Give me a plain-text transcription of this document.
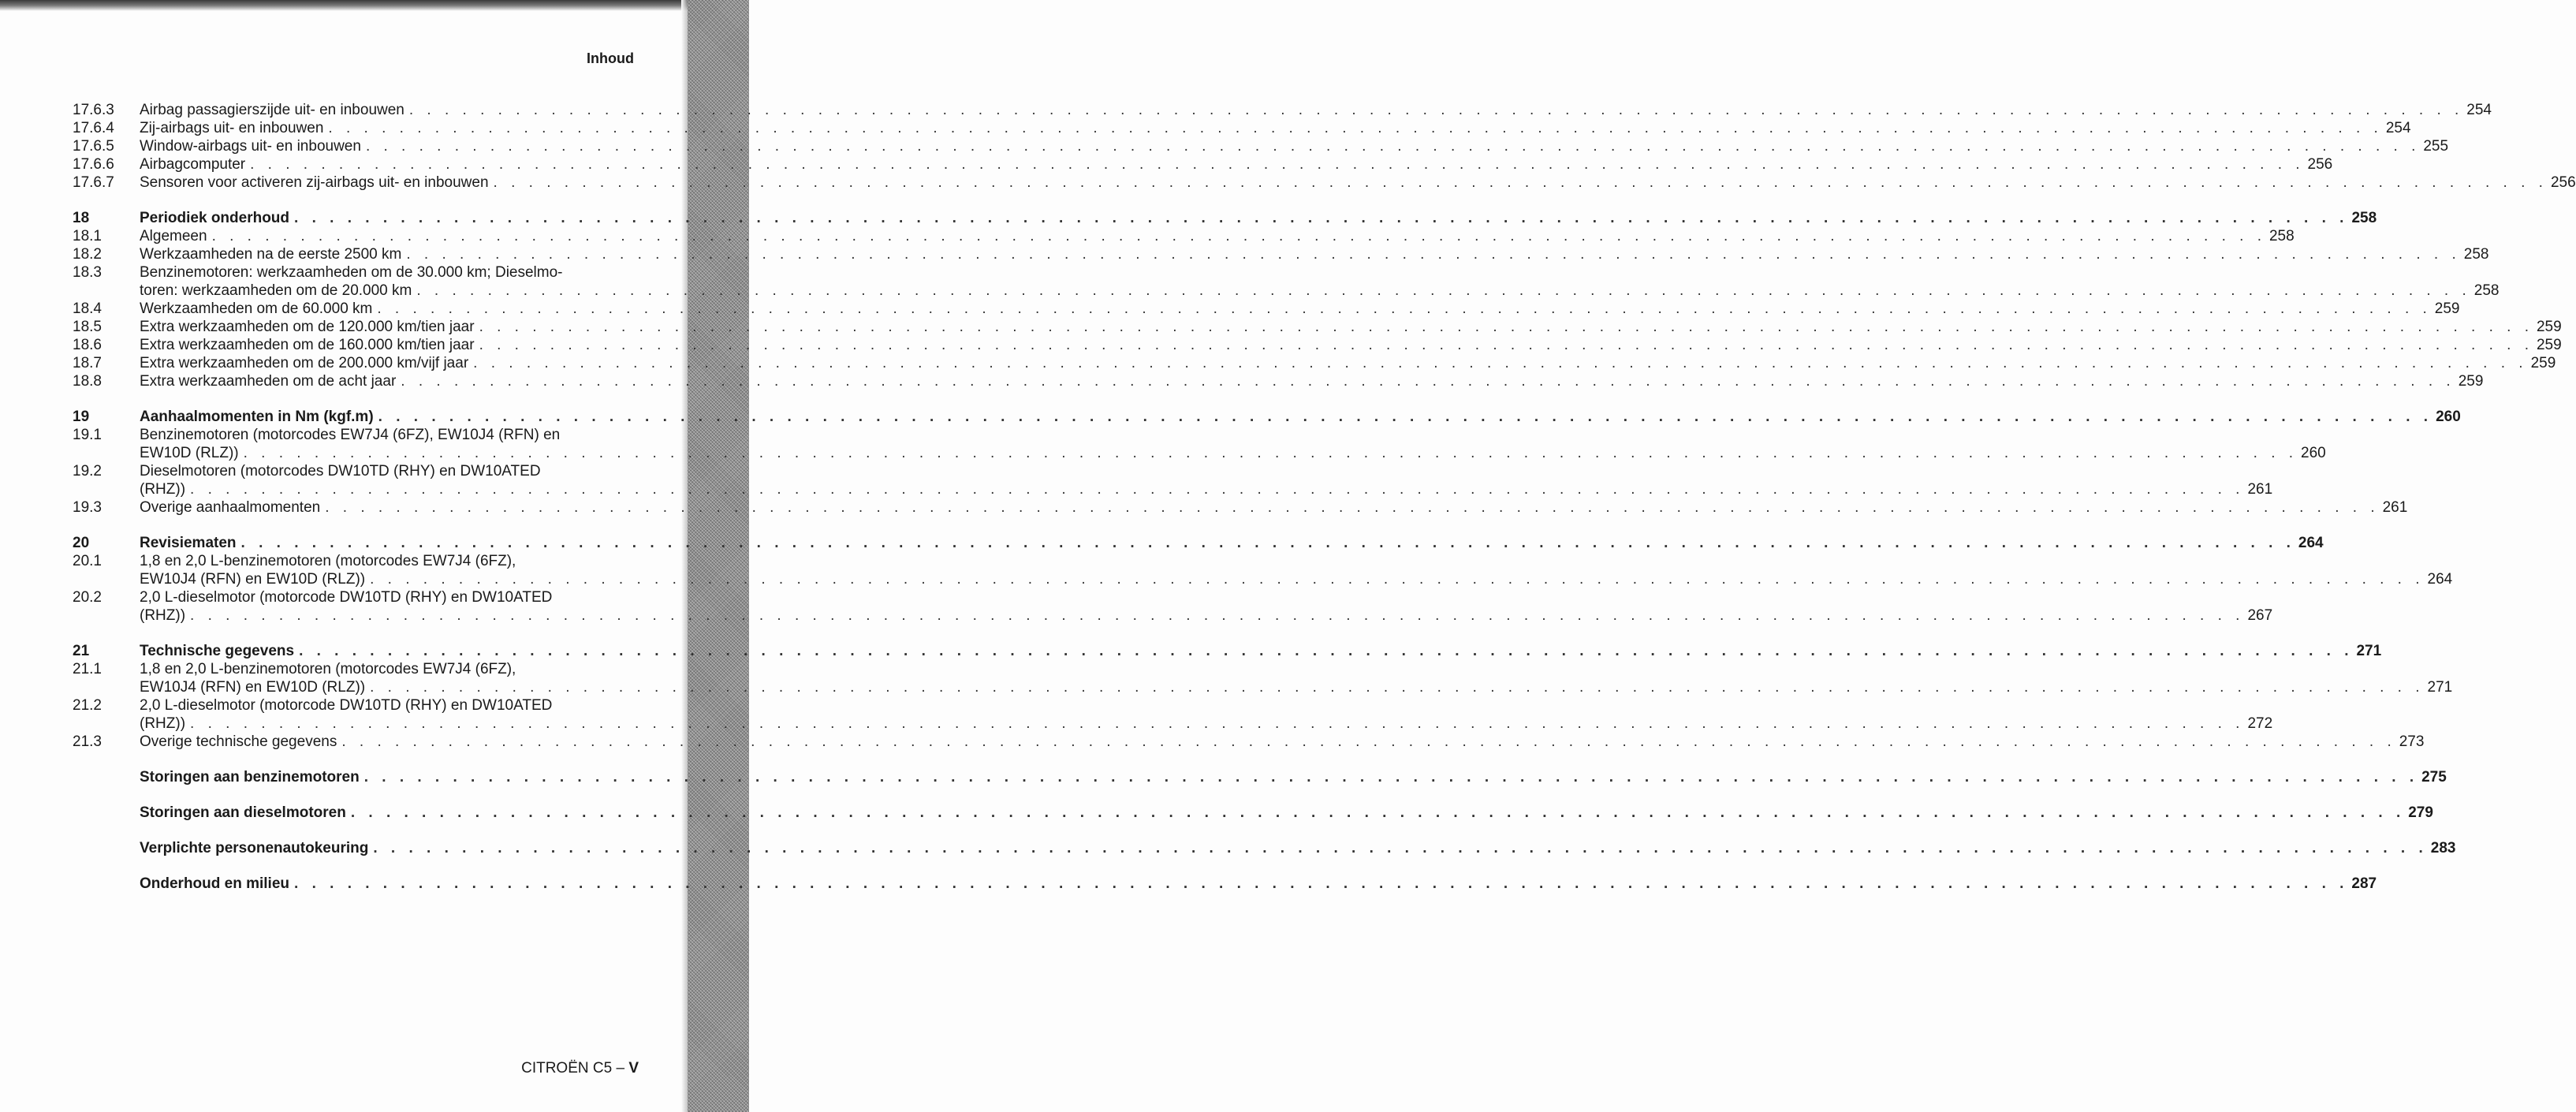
Inhoud
17.6.3	Airbag passagierszijde uit- en inbouwen . . .	254
17.6.4	Zij-airbags uit- en inbouwen . . .	254
17.6.5	Window-airbags uit- en inbouwen . . .	255
17.6.6	Airbagcomputer . . .	256
17.6.7	Sensoren voor activeren zij-airbags uit- en inbouwen . . .	256
18	Periodiek onderhoud . . .	258
18.1	Algemeen . . .	258
18.2	Werkzaamheden na de eerste 2500 km . . .	258
18.3	Benzinemotoren: werkzaamheden om de 30.000 km; Dieselmo-
toren: werkzaamheden om de 20.000 km . . .	258
18.4	Werkzaamheden om de 60.000 km . . .	259
18.5	Extra werkzaamheden om de 120.000 km/tien jaar . . .	259
18.6	Extra werkzaamheden om de 160.000 km/tien jaar . . .	259
18.7	Extra werkzaamheden om de 200.000 km/vijf jaar . . .	259
18.8	Extra werkzaamheden om de acht jaar . . .	259
19	Aanhaalmomenten in Nm (kgf.m) . . .	260
19.1	Benzinemotoren (motorcodes EW7J4 (6FZ), EW10J4 (RFN) en
EW10D (RLZ)) . . .	260
19.2	Dieselmotoren (motorcodes DW10TD (RHY) en DW10ATED
(RHZ)) . . .	261
19.3	Overige aanhaalmomenten . . .	261
20	Revisiematen . . .	264
20.1	1,8 en 2,0 L-benzinemotoren (motorcodes EW7J4 (6FZ),
EW10J4 (RFN) en EW10D (RLZ)) . . .	264
20.2	2,0 L-dieselmotor (motorcode DW10TD (RHY) en DW10ATED
(RHZ)) . . .	267
21	Technische gegevens . . .	271
21.1	1,8 en 2,0 L-benzinemotoren (motorcodes EW7J4 (6FZ),
EW10J4 (RFN) en EW10D (RLZ)) . . .	271
21.2	2,0 L-dieselmotor (motorcode DW10TD (RHY) en DW10ATED
(RHZ)) . . .	272
21.3	Overige technische gegevens . . .	273
Storingen aan benzinemotoren . . .	275
Storingen aan dieselmotoren . . .	279
Verplichte personenautokeuring . . .	283
Onderhoud en milieu . . .	287
CITROËN C5 – V
